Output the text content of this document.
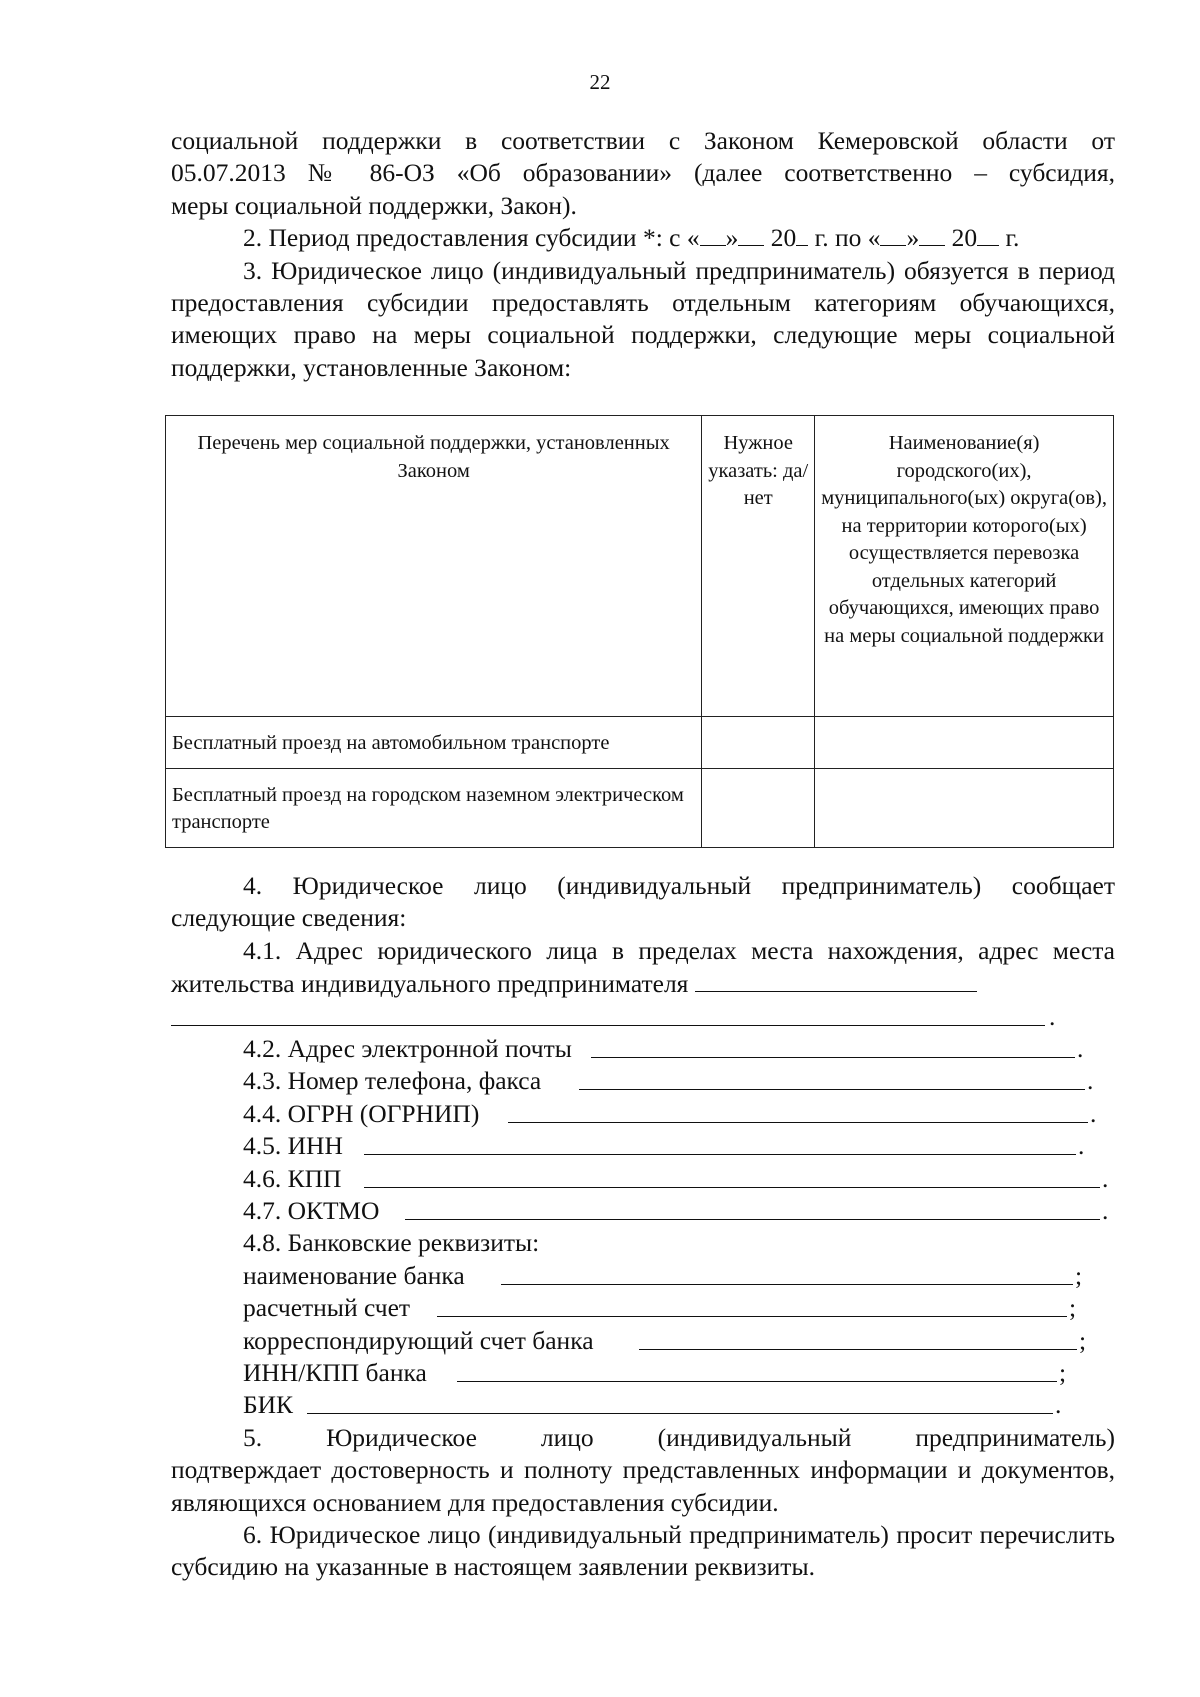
22

социальной поддержки в соответствии с Законом Кемеровской области от

05.07.2013 № 86-ОЗ «Об образовании» (далее соответственно – субсидия,

меры социальной поддержки, Закон).

2. Период предоставления субсидии *: с « » 20 г. по « » 20 г.

3. Юридическое лицо (индивидуальный предприниматель) обязуется в период предоставления субсидии предоставлять отдельным категориям обучающихся, имеющих право на меры социальной поддержки, следующие меры социальной поддержки, установленные Законом:

Перечень мер социальной поддержки, установленных Законом	Нужное указать: да/нет	Наименование(я) городского(их), муниципального(ых) округа(ов), на территории которого(ых) осуществляется перевозка отдельных категорий обучающихся, имеющих право на меры социальной поддержки
Бесплатный проезд на автомобильном транспорте		
Бесплатный проезд на городском наземном электрическом транспорте		

4. Юридическое лицо (индивидуальный предприниматель) сообщает следующие сведения:

4.1. Адрес юридического лица в пределах места нахождения, адрес места жительства индивидуального предпринимателя

.
4.2. Адрес электронной почты	.
4.3. Номер телефона, факса	.
4.4. ОГРН (ОГРНИП)	.
4.5. ИНН	.
4.6. КПП	.
4.7. ОКТМО	.
4.8. Банковские реквизиты:
наименование банка	;
расчетный счет	;
корреспондирующий счет банка	;
ИНН/КПП банка	;
БИК	.

5.     Юридическое     лицо     (индивидуальный     предприниматель) подтверждает достоверность и полноту представленных информации и документов, являющихся основанием для предоставления субсидии.

6. Юридическое лицо (индивидуальный предприниматель) просит перечислить субсидию на указанные в настоящем заявлении реквизиты.
